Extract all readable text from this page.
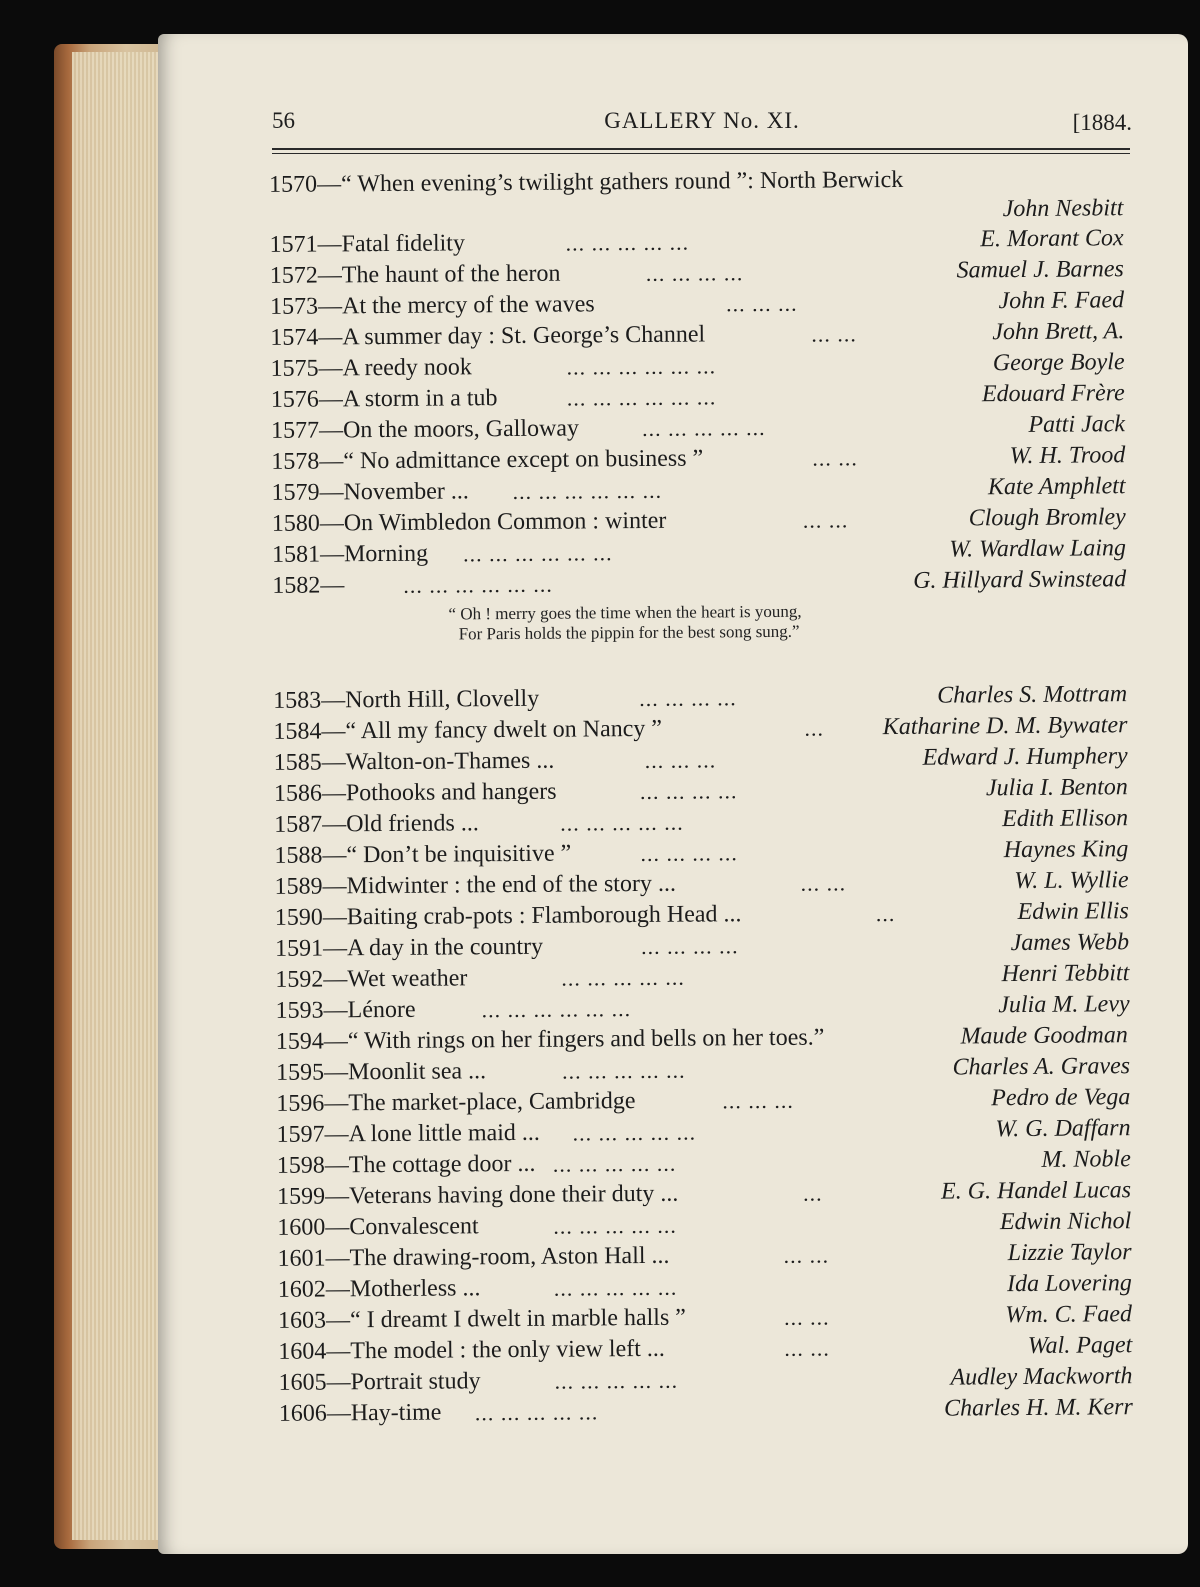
56	GALLERY No. XI.	[1884.
1570—“ When evening’s twilight gathers round ”: North Berwick
John Nesbitt
1571—Fatal fidelity	... ... ... ... ...	E. Morant Cox
1572—The haunt of the heron	... ... ... ...	Samuel J. Barnes
1573—At the mercy of the waves	... ... ...	John F. Faed
1574—A summer day : St. George’s Channel	... ...	John Brett, A.
1575—A reedy nook	... ... ... ... ... ...	George Boyle
1576—A storm in a tub	... ... ... ... ... ...	Edouard Frère
1577—On the moors, Galloway	... ... ... ... ...	Patti Jack
1578—“ No admittance except on business ”	... ...	W. H. Trood
1579—November ... ... ... ... ... ... ...	Kate Amphlett
1580—On Wimbledon Common : winter	... ...	Clough Bromley
1581—Morning ... ... ... ... ... ...	W. Wardlaw Laing
1582—	... ... ... ... ... ...	G. Hillyard Swinstead
“ Oh ! merry goes the time when the heart is young,
For Paris holds the pippin for the best song sung.”
1583—North Hill, Clovelly	... ... ... ...	Charles S. Mottram
1584—“ All my fancy dwelt on Nancy ”	... Katharine D. M. Bywater
1585—Walton-on-Thames ...	... ... ...	Edward J. Humphery
1586—Pothooks and hangers	... ... ... ...	Julia I. Benton
1587—Old friends ...	... ... ... ... ...	Edith Ellison
1588—“ Don’t be inquisitive ”	... ... ... ...	Haynes King
1589—Midwinter : the end of the story ...	... ...	W. L. Wyllie
1590—Baiting crab-pots : Flamborough Head ...	...	Edwin Ellis
1591—A day in the country	... ... ... ...	James Webb
1592—Wet weather	... ... ... ... ...	Henri Tebbitt
1593—Lénore	... ... ... ... ... ...	Julia M. Levy
1594—“ With rings on her fingers and bells on her toes.”	Maude Goodman
1595—Moonlit sea ...	... ... ... ... ...	Charles A. Graves
1596—The market-place, Cambridge	... ... ...	Pedro de Vega
1597—A lone little maid ... ... ... ... ... ...	W. G. Daffarn
1598—The cottage door ... ... ... ... ... ...	M. Noble
1599—Veterans having done their duty ...	...	E. G. Handel Lucas
1600—Convalescent	... ... ... ... ...	Edwin Nichol
1601—The drawing-room, Aston Hall ...	... ...	Lizzie Taylor
1602—Motherless ...	... ... ... ... ...	Ida Lovering
1603—“ I dreamt I dwelt in marble halls ”	... ...	Wm. C. Faed
1604—The model : the only view left ...	... ...	Wal. Paget
1605—Portrait study	... ... ... ... ...	Audley Mackworth
1606—Hay-time ... ... ... ... ...	Charles H. M. Kerr
